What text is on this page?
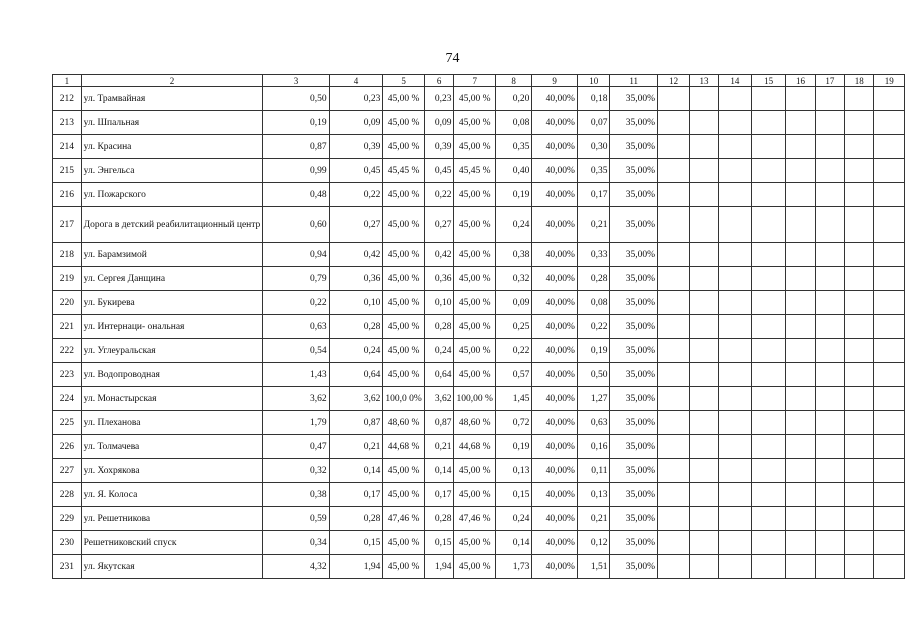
74
1	2	3	4	5	6	7	8	9	10	11	12	13	14	15	16	17	18	19
212	ул. Трамвайная	0,50	0,23	45,00 %	0,23	45,00 %	0,20	40,00%	0,18	35,00%								
213	ул. Шпальная	0,19	0,09	45,00 %	0,09	45,00 %	0,08	40,00%	0,07	35,00%								
214	ул. Красина	0,87	0,39	45,00 %	0,39	45,00 %	0,35	40,00%	0,30	35,00%								
215	ул. Энгельса	0,99	0,45	45,45 %	0,45	45,45 %	0,40	40,00%	0,35	35,00%								
216	ул. Пожарского	0,48	0,22	45,00 %	0,22	45,00 %	0,19	40,00%	0,17	35,00%								
217	Дорога в детский реабилитационный центр	0,60	0,27	45,00 %	0,27	45,00 %	0,24	40,00%	0,21	35,00%								
218	ул. Барамзимой	0,94	0,42	45,00 %	0,42	45,00 %	0,38	40,00%	0,33	35,00%								
219	ул. Сергея Данщина	0,79	0,36	45,00 %	0,36	45,00 %	0,32	40,00%	0,28	35,00%								
220	ул. Букирева	0,22	0,10	45,00 %	0,10	45,00 %	0,09	40,00%	0,08	35,00%								
221	ул. Интернаци- ональная	0,63	0,28	45,00 %	0,28	45,00 %	0,25	40,00%	0,22	35,00%								
222	ул. Углеуральская	0,54	0,24	45,00 %	0,24	45,00 %	0,22	40,00%	0,19	35,00%								
223	ул. Водопроводная	1,43	0,64	45,00 %	0,64	45,00 %	0,57	40,00%	0,50	35,00%								
224	ул. Монастырская	3,62	3,62	100,0 0%	3,62	100,00 %	1,45	40,00%	1,27	35,00%								
225	ул. Плеханова	1,79	0,87	48,60 %	0,87	48,60 %	0,72	40,00%	0,63	35,00%								
226	ул. Толмачева	0,47	0,21	44,68 %	0,21	44,68 %	0,19	40,00%	0,16	35,00%								
227	ул. Хохрякова	0,32	0,14	45,00 %	0,14	45,00 %	0,13	40,00%	0,11	35,00%								
228	ул. Я. Колоса	0,38	0,17	45,00 %	0,17	45,00 %	0,15	40,00%	0,13	35,00%								
229	ул. Решетникова	0,59	0,28	47,46 %	0,28	47,46 %	0,24	40,00%	0,21	35,00%								
230	Решетниковский спуск	0,34	0,15	45,00 %	0,15	45,00 %	0,14	40,00%	0,12	35,00%								
231	ул. Якутская	4,32	1,94	45,00 %	1,94	45,00 %	1,73	40,00%	1,51	35,00%								
